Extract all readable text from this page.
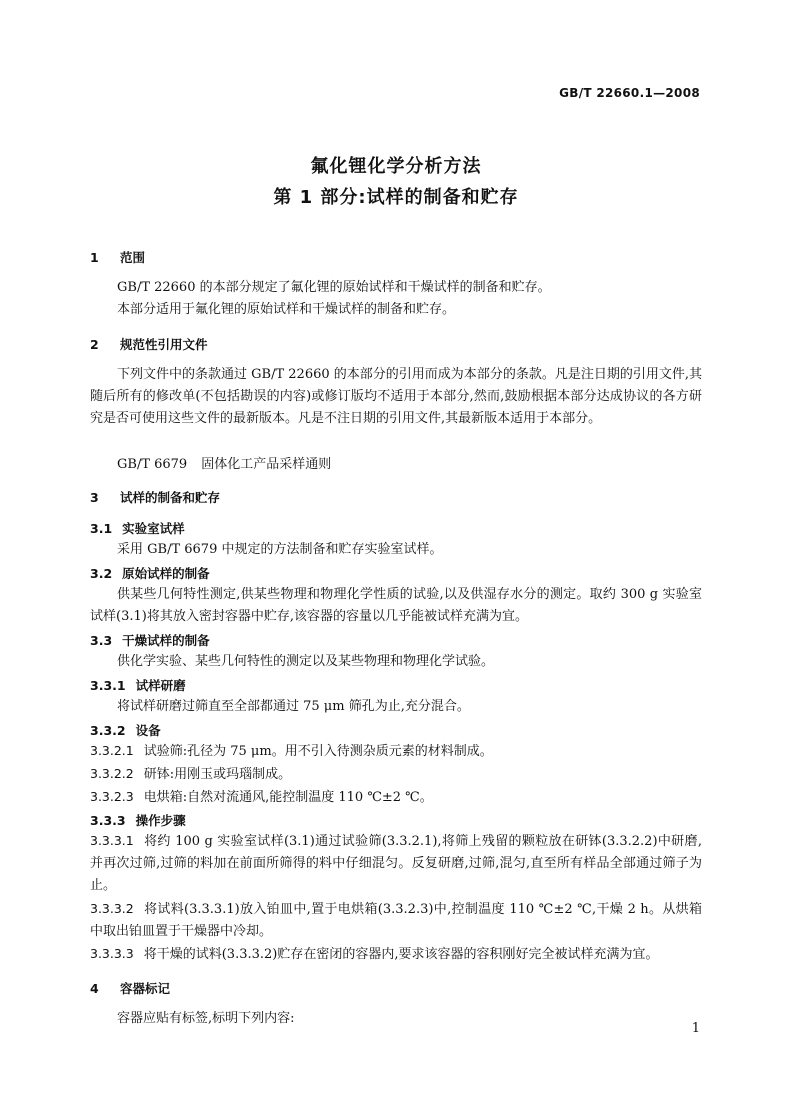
GB/T 22660.1—2008
氟化锂化学分析方法
第 1 部分:试样的制备和贮存
1 范围
GB/T 22660 的本部分规定了氟化锂的原始试样和干燥试样的制备和贮存。
本部分适用于氟化锂的原始试样和干燥试样的制备和贮存。
2 规范性引用文件
下列文件中的条款通过 GB/T 22660 的本部分的引用而成为本部分的条款。凡是注日期的引用文件,其随后所有的修改单(不包括勘误的内容)或修订版均不适用于本部分,然而,鼓励根据本部分达成协议的各方研究是否可使用这些文件的最新版本。凡是不注日期的引用文件,其最新版本适用于本部分。
GB/T 6679 固体化工产品采样通则
3 试样的制备和贮存
3.1 实验室试样
采用 GB/T 6679 中规定的方法制备和贮存实验室试样。
3.2 原始试样的制备
供某些几何特性测定,供某些物理和物理化学性质的试验,以及供湿存水分的测定。取约 300 g 实验室试样(3.1)将其放入密封容器中贮存,该容器的容量以几乎能被试样充满为宜。
3.3 干燥试样的制备
供化学实验、某些几何特性的测定以及某些物理和物理化学试验。
3.3.1 试样研磨
将试样研磨过筛直至全部都通过 75 μm 筛孔为止,充分混合。
3.3.2 设备
3.3.2.1 试验筛:孔径为 75 μm。用不引入待测杂质元素的材料制成。
3.3.2.2 研钵:用刚玉或玛瑙制成。
3.3.2.3 电烘箱:自然对流通风,能控制温度 110 ℃±2 ℃。
3.3.3 操作步骤
3.3.3.1 将约 100 g 实验室试样(3.1)通过试验筛(3.3.2.1),将筛上残留的颗粒放在研钵(3.3.2.2)中研磨,并再次过筛,过筛的料加在前面所筛得的料中仔细混匀。反复研磨,过筛,混匀,直至所有样品全部通过筛子为止。
3.3.3.2 将试料(3.3.3.1)放入铂皿中,置于电烘箱(3.3.2.3)中,控制温度 110 ℃±2 ℃,干燥 2 h。从烘箱中取出铂皿置于干燥器中冷却。
3.3.3.3 将干燥的试料(3.3.3.2)贮存在密闭的容器内,要求该容器的容积刚好完全被试样充满为宜。
4 容器标记
容器应贴有标签,标明下列内容:
1
